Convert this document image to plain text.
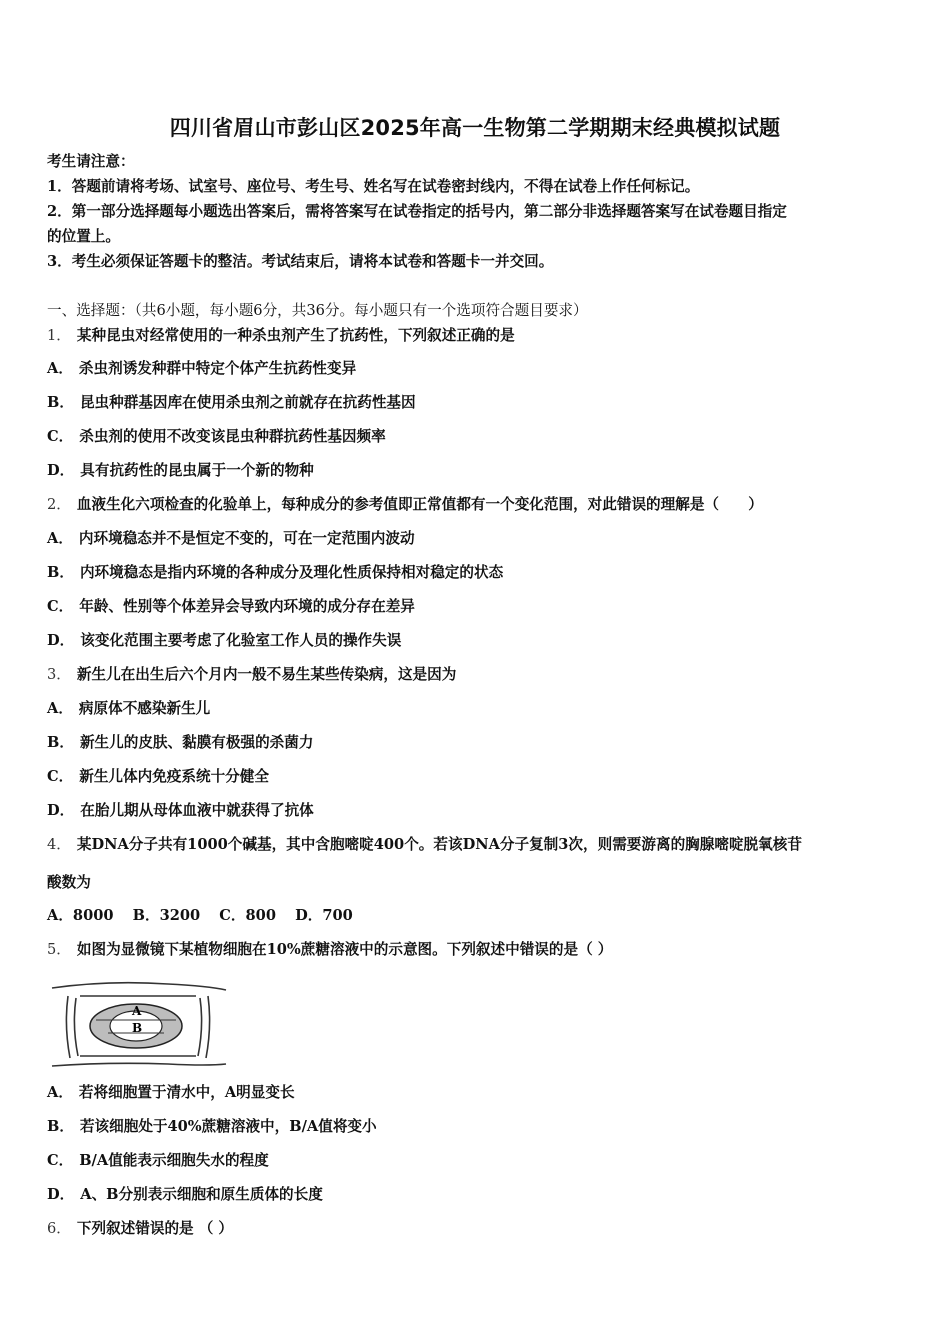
四川省眉山市彭山区2025年高一生物第二学期期末经典模拟试题
考生请注意：
1．答题前请将考场、试室号、座位号、考生号、姓名写在试卷密封线内，不得在试卷上作任何标记。
2．第一部分选择题每小题选出答案后，需将答案写在试卷指定的括号内，第二部分非选择题答案写在试卷题目指定
的位置上。
3．考生必须保证答题卡的整洁。考试结束后，请将本试卷和答题卡一并交回。
一、选择题：（共6小题，每小题6分，共36分。每小题只有一个选项符合题目要求）
1． 某种昆虫对经常使用的一种杀虫剂产生了抗药性，下列叙述正确的是
A． 杀虫剂诱发种群中特定个体产生抗药性变异
B． 昆虫种群基因库在使用杀虫剂之前就存在抗药性基因
C． 杀虫剂的使用不改变该昆虫种群抗药性基因频率
D． 具有抗药性的昆虫属于一个新的物种
2． 血液生化六项检查的化验单上，每种成分的参考值即正常值都有一个变化范围，对此错误的理解是（　　）
A． 内环境稳态并不是恒定不变的，可在一定范围内波动
B． 内环境稳态是指内环境的各种成分及理化性质保持相对稳定的状态
C． 年龄、性别等个体差异会导致内环境的成分存在差异
D． 该变化范围主要考虑了化验室工作人员的操作失误
3． 新生儿在出生后六个月内一般不易生某些传染病，这是因为
A． 病原体不感染新生儿
B． 新生儿的皮肤、黏膜有极强的杀菌力
C． 新生儿体内免疫系统十分健全
D． 在胎儿期从母体血液中就获得了抗体
4． 某DNA分子共有1000个碱基，其中含胞嘧啶400个。若该DNA分子复制3次，则需要游离的胸腺嘧啶脱氧核苷
酸数为
A．8000 B．3200 C．800 D．700
5． 如图为显微镜下某植物细胞在10%蔗糖溶液中的示意图。下列叙述中错误的是（ ）
A
B
A． 若将细胞置于清水中，A明显变长
B． 若该细胞处于40%蔗糖溶液中，B/A值将变小
C． B/A值能表示细胞失水的程度
D． A、B分别表示细胞和原生质体的长度
6． 下列叙述错误的是 （ ）
